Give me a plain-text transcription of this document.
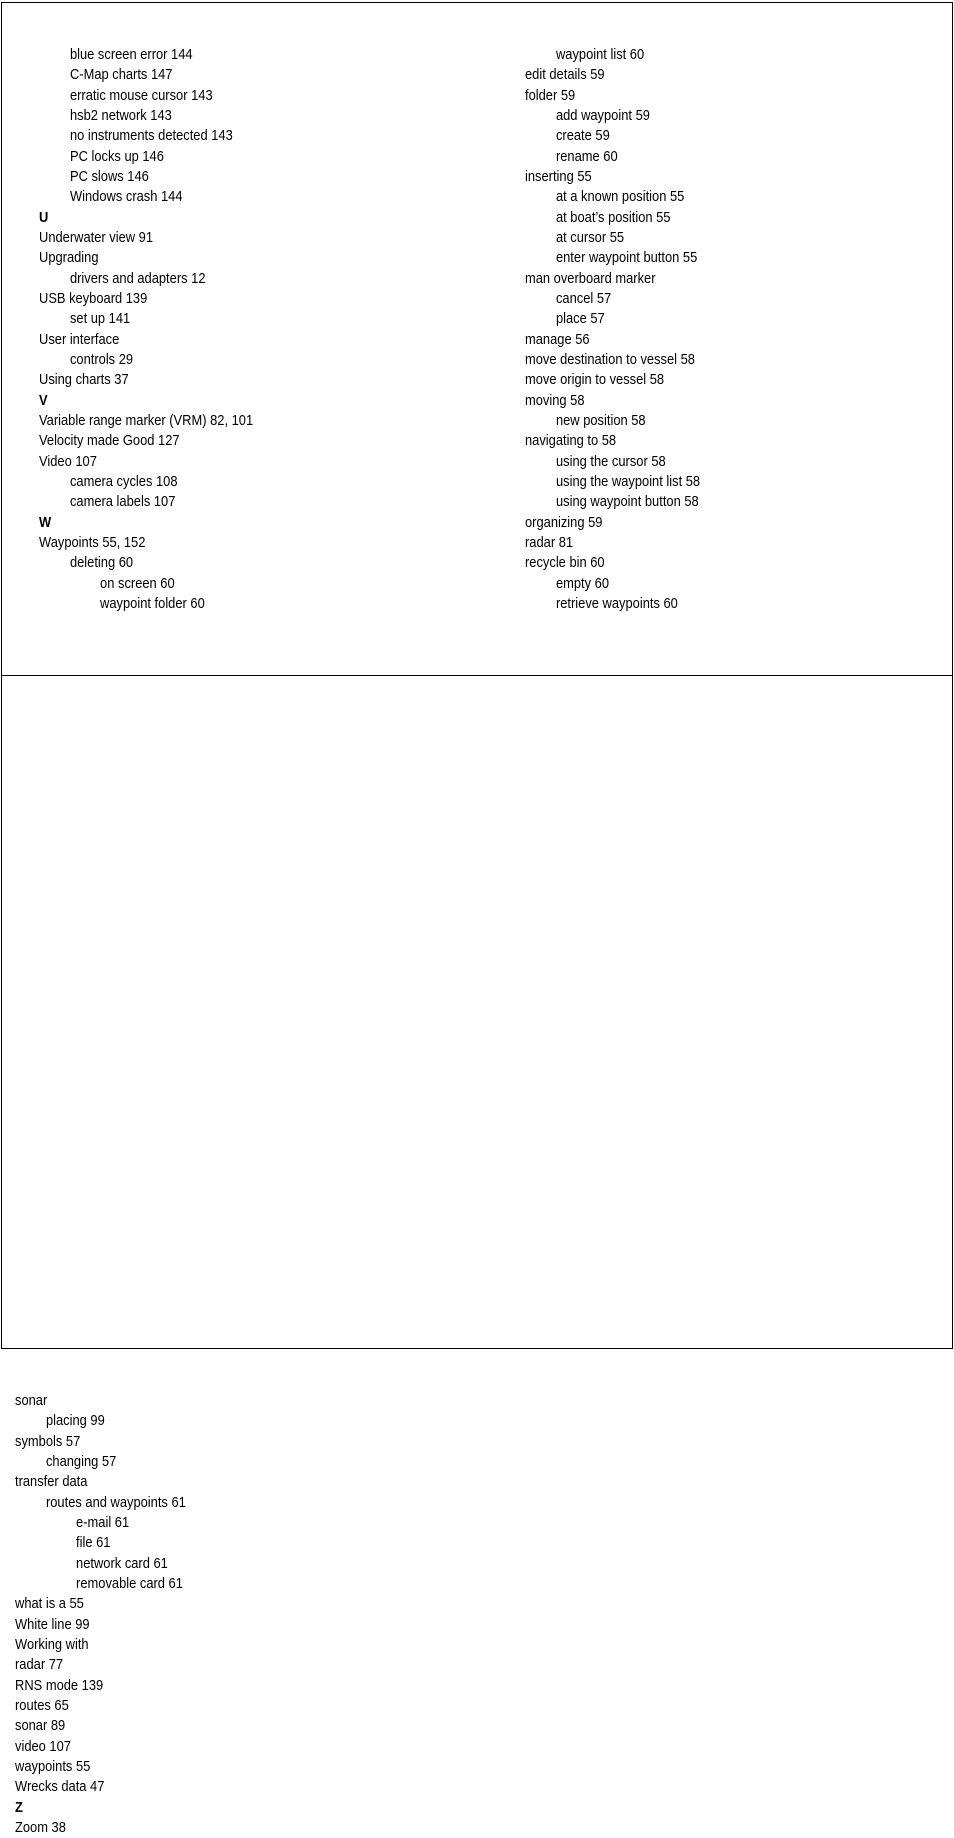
blue screen error 144
C-Map charts 147
erratic mouse cursor 143
hsb2 network 143
no instruments detected 143
PC locks up 146
PC slows 146
Windows crash 144
U
Underwater view 91
Upgrading
drivers and adapters 12
USB keyboard 139
set up 141
User interface
controls 29
Using charts 37
V
Variable range marker (VRM) 82, 101
Velocity made Good 127
Video 107
camera cycles 108
camera labels 107
W
Waypoints 55, 152
deleting 60
on screen 60
waypoint folder 60
waypoint list 60
edit details 59
folder 59
add waypoint 59
create 59
rename 60
inserting 55
at a known position 55
at boat’s position 55
at cursor 55
enter waypoint button 55
man overboard marker
cancel 57
place 57
manage 56
move destination to vessel 58
move origin to vessel 58
moving 58
new position 58
navigating to 58
using the cursor 58
using the waypoint list 58
using waypoint button 58
organizing 59
radar 81
recycle bin 60
empty 60
retrieve waypoints 60
sonar
placing 99
symbols 57
changing 57
transfer data
routes and waypoints 61
e-mail 61
file 61
network card 61
removable card 61
what is a 55
White line 99
Working with
radar 77
RNS mode 139
routes 65
sonar 89
video 107
waypoints 55
Wrecks data 47
Z
Zoom 38
